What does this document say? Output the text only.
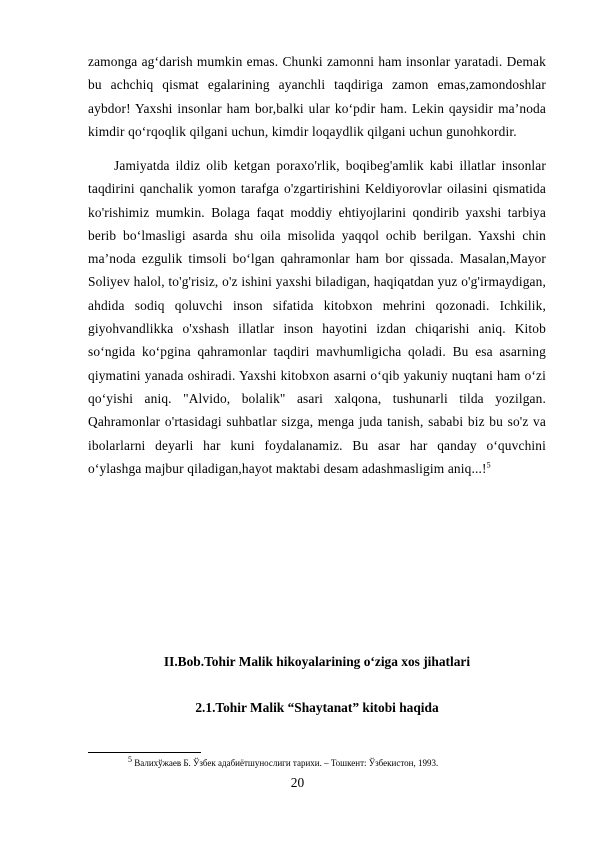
zamonga ag‘darish mumkin emas. Chunki zamonni ham insonlar yaratadi. Demak bu achchiq qismat egalarining ayanchli taqdiriga zamon emas,zamondoshlar aybdor! Yaxshi insonlar ham bor,balki ular ko‘pdir ham. Lekin qaysidir ma’noda kimdir qo‘rqoqlik qilgani uchun, kimdir loqaydlik qilgani uchun gunohkordir.
Jamiyatda ildiz olib ketgan poraxo'rlik, boqibeg'amlik kabi illatlar insonlar taqdirini qanchalik yomon tarafga o'zgartirishini Keldiyorovlar oilasini qismatida ko'rishimiz mumkin. Bolaga faqat moddiy ehtiyojlarini qondirib yaxshi tarbiya berib bo‘lmasligi asarda shu oila misolida yaqqol ochib berilgan. Yaxshi chin ma’noda ezgulik timsoli bo‘lgan qahramonlar ham bor qissada. Masalan,Mayor Soliyev halol, to'g'risiz, o'z ishini yaxshi biladigan, haqiqatdan yuz o'g'irmaydigan, ahdida sodiq qoluvchi inson sifatida kitobxon mehrini qozonadi. Ichkilik, giyohvandlikka o'xshash illatlar inson hayotini izdan chiqarishi aniq. Kitob so‘ngida ko‘pgina qahramonlar taqdiri mavhumligicha qoladi. Bu esa asarning qiymatini yanada oshiradi. Yaxshi kitobxon asarni o‘qib yakuniy nuqtani ham o‘zi qo‘yishi aniq. "Alvido, bolalik" asari xalqona, tushunarli tilda yozilgan. Qahramonlar o'rtasidagi suhbatlar sizga, menga juda tanish, sababi biz bu so'z va ibolarlarni deyarli har kuni foydalanamiz. Bu asar har qanday o‘quvchini o‘ylashga majbur qiladigan,hayot maktabi desam adashmasligim aniq...!$^5$
II.Bob.Tohir Malik hikoyalarining o‘ziga xos jihatlari
2.1.Tohir Malik “Shaytanat” kitobi haqida
$^5$ Валихўжаев Б. Ўзбек адабиётшунослиги тарихи. – Тошкент: Ўзбекистон, 1993.
20
